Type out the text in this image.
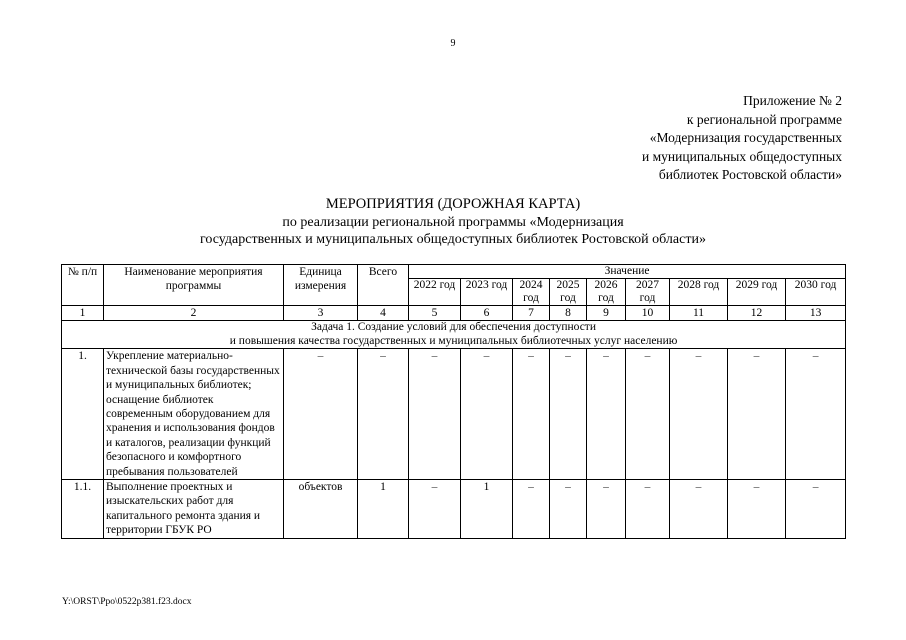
9
Приложение № 2
к региональной программе
«Модернизация государственных
и муниципальных общедоступных
библиотек Ростовской области»
МЕРОПРИЯТИЯ (ДОРОЖНАЯ КАРТА)
по реализации региональной программы «Модернизация
государственных и муниципальных общедоступных библиотек Ростовской области»
№ п/п	Наименование мероприятия программы	Единица измерения	Всего	Значение								
				2022 год	2023 год	2024 год	2025 год	2026 год	2027 год	2028 год	2029 год	2030 год
1	2	3	4	5	6	7	8	9	10	11	12	13

Задача 1. Создание условий для обеспечения доступности
и повышения качества государственных и муниципальных библиотечных услуг населению												

1.	Укрепление материально-технической базы государственных и муниципальных библиотек; оснащение библиотек современным оборудованием для хранения и использования фондов и каталогов, реализации функций безопасного и комфортного пребывания пользователей	–	–	–	–	–	–	–	–	–	–	–
1.1.	Выполнение проектных и изыскательских работ для капитального ремонта здания и территории ГБУК РО	объектов	1	–	1	–	–	–	–	–	–	–
Y:\ORST\Ppo\0522p381.f23.docx
